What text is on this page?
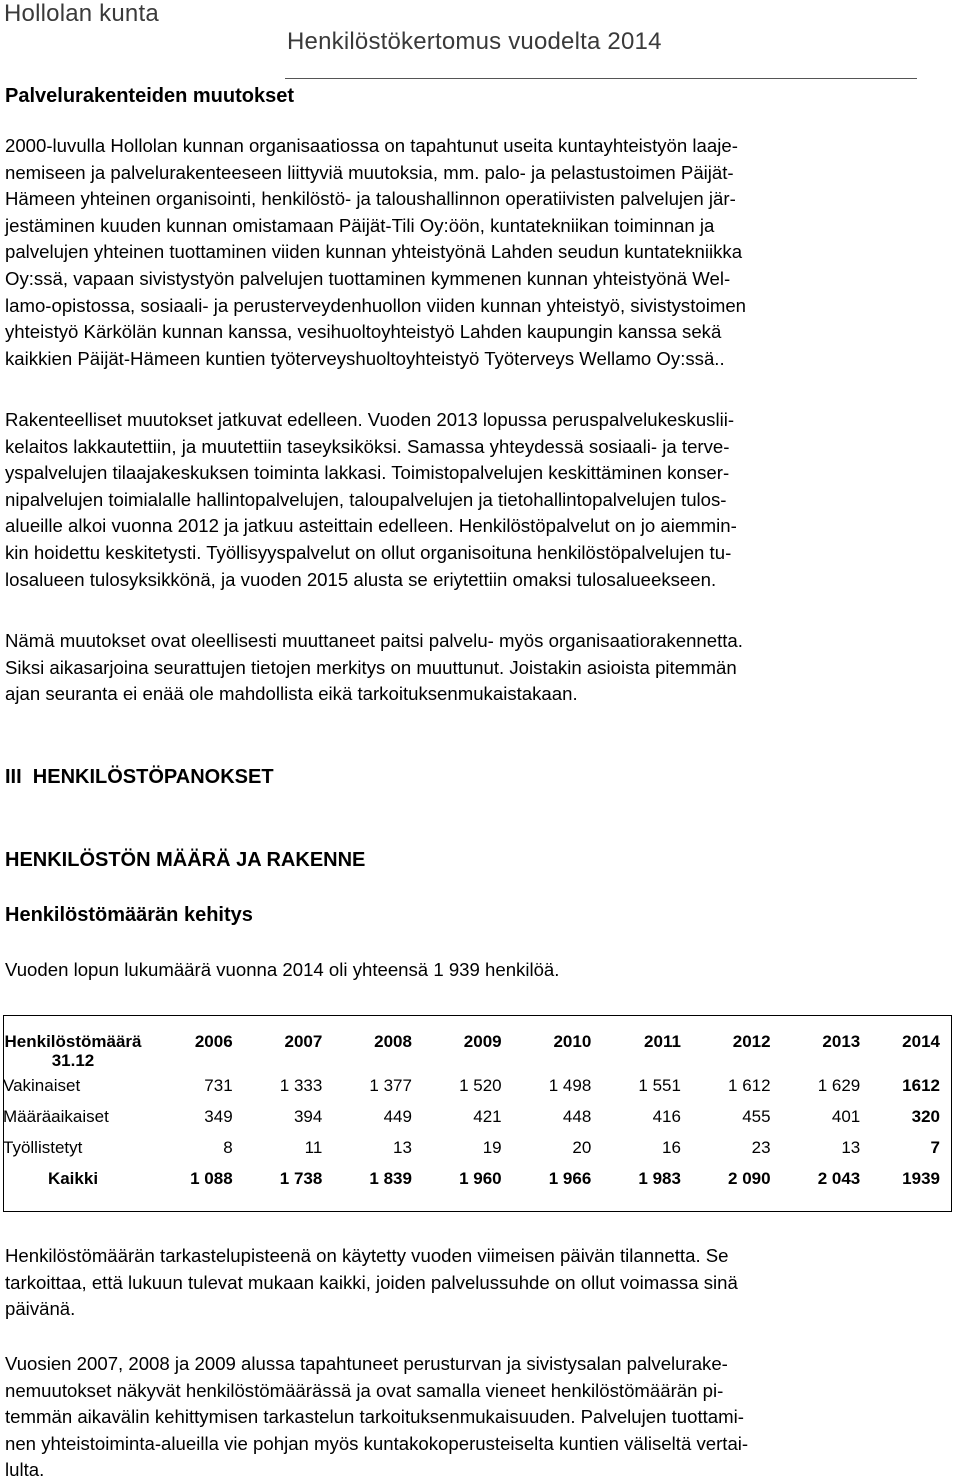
Hollolan kunta
Henkilöstökertomus vuodelta 2014
Palvelurakenteiden muutokset
2000-luvulla Hollolan kunnan organisaatiossa on tapahtunut useita kuntayhteistyön laaje-
nemiseen ja palvelurakenteeseen liittyviä muutoksia, mm. palo- ja pelastustoimen Päijät-
Hämeen yhteinen organisointi, henkilöstö- ja taloushallinnon operatiivisten palvelujen jär-
jestäminen kuuden kunnan omistamaan Päijät-Tili Oy:öön, kuntatekniikan toiminnan ja
palvelujen yhteinen tuottaminen viiden kunnan yhteistyönä Lahden seudun kuntatekniikka
Oy:ssä, vapaan sivistystyön palvelujen tuottaminen kymmenen kunnan yhteistyönä Wel-
lamo-opistossa, sosiaali- ja perusterveydenhuollon viiden kunnan yhteistyö, sivistystoimen
yhteistyö Kärkölän kunnan kanssa, vesihuoltoyhteistyö Lahden kaupungin kanssa sekä
kaikkien Päijät-Hämeen kuntien työterveyshuoltoyhteistyö Työterveys Wellamo Oy:ssä..
Rakenteelliset muutokset jatkuvat edelleen. Vuoden 2013 lopussa peruspalvelukeskuslii-
kelaitos lakkautettiin, ja muutettiin taseyksiköksi. Samassa yhteydessä sosiaali- ja terve-
yspalvelujen tilaajakeskuksen toiminta lakkasi. Toimistopalvelujen keskittäminen konser-
nipalvelujen toimialalle hallintopalvelujen, taloupalvelujen ja tietohallintopalvelujen tulos-
alueille alkoi vuonna 2012 ja jatkuu asteittain edelleen. Henkilöstöpalvelut on jo aiemmin-
kin hoidettu keskitetysti. Työllisyyspalvelut on ollut organisoituna henkilöstöpalvelujen tu-
losalueen tulosyksikkönä, ja vuoden 2015 alusta se eriytettiin omaksi tulosalueekseen.
Nämä muutokset ovat oleellisesti muuttaneet paitsi palvelu- myös organisaatiorakennetta.
Siksi aikasarjoina seurattujen tietojen merkitys on muuttunut. Joistakin asioista pitemmän
ajan seuranta ei enää ole mahdollista eikä tarkoituksenmukaistakaan.
III  HENKILÖSTÖPANOKSET
HENKILÖSTÖN MÄÄRÄ JA RAKENNE
Henkilöstömäärän kehitys
Vuoden lopun lukumäärä vuonna 2014 oli yhteensä 1 939 henkilöä.
Henkilöstömäärä 31.12	2006	2007	2008	2009	2010	2011	2012	2013	2014
Vakinaiset	731	1 333	1 377	1 520	1 498	1 551	1 612	1 629	1612
Määräaikaiset	349	394	449	421	448	416	455	401	320
Työllistetyt	8	11	13	19	20	16	23	13	7
Kaikki	1 088	1 738	1 839	1 960	1 966	1 983	2 090	2 043	1939
Henkilöstömäärän tarkastelupisteenä on käytetty vuoden viimeisen päivän tilannetta. Se
tarkoittaa, että lukuun tulevat mukaan kaikki, joiden palvelussuhde on ollut voimassa sinä
päivänä.
Vuosien 2007, 2008 ja 2009 alussa tapahtuneet perusturvan ja sivistysalan palvelurake-
nemuutokset näkyvät henkilöstömäärässä ja ovat samalla vieneet henkilöstömäärän pi-
temmän aikavälin kehittymisen tarkastelun tarkoituksenmukaisuuden. Palvelujen tuottami-
nen yhteistoiminta-alueilla vie pohjan myös kuntakokoperusteiselta kuntien väliseltä vertai-
lulta.
